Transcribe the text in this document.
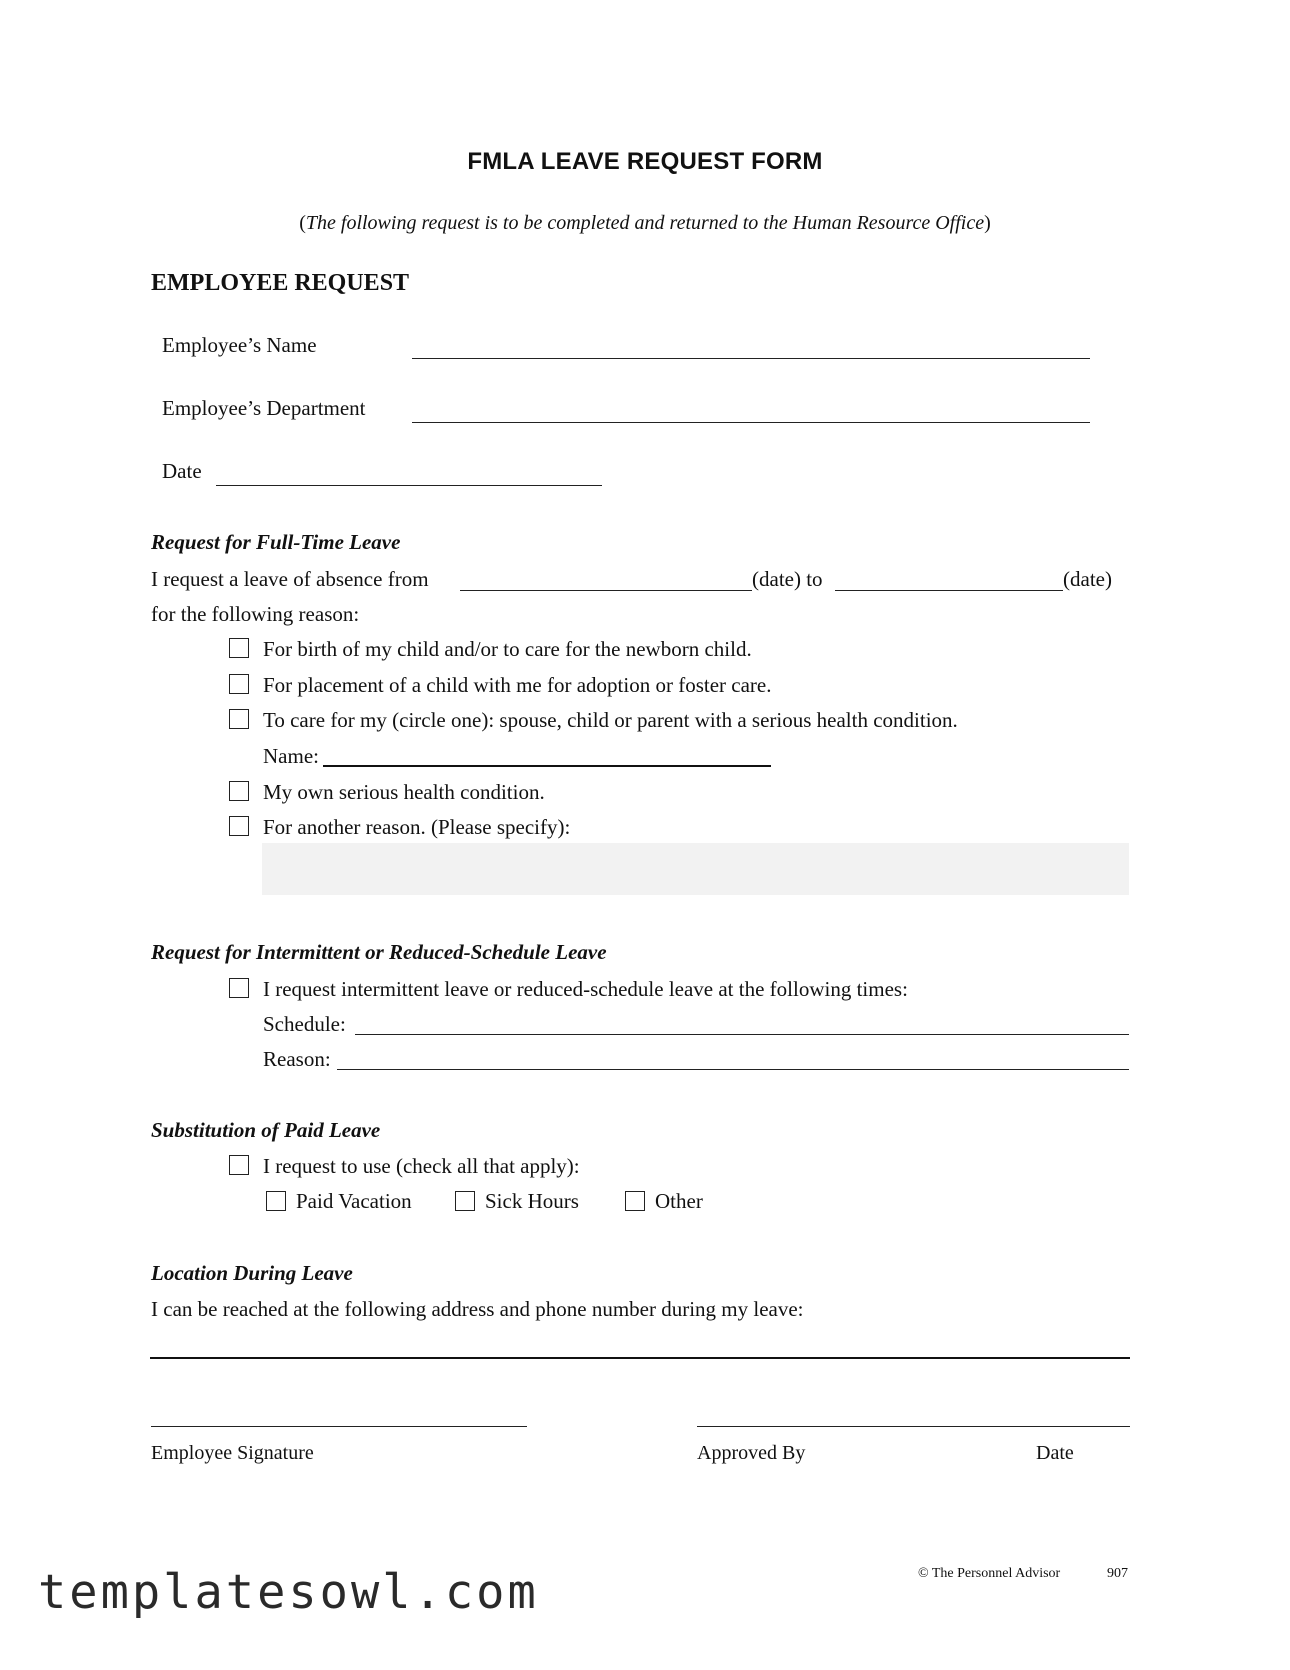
FMLA LEAVE REQUEST FORM
(The following request is to be completed and returned to the Human Resource Office)
EMPLOYEE REQUEST
Employee’s Name
Employee’s Department
Date
Request for Full-Time Leave
I request a leave of absence from	(date) to	(date)
for the following reason:
For birth of my child and/or to care for the newborn child.
For placement of a child with me for adoption or foster care.
To care for my (circle one): spouse, child or parent with a serious health condition.
Name:
My own serious health condition.
For another reason. (Please specify):
Request for Intermittent or Reduced-Schedule Leave
I request intermittent leave or reduced-schedule leave at the following times:
Schedule:
Reason:
Substitution of Paid Leave
I request to use (check all that apply):
Paid Vacation	Sick Hours	Other
Location During Leave
I can be reached at the following address and phone number during my leave:
Employee Signature	Approved By	Date
© The Personnel Advisor	907
templatesowl.com
